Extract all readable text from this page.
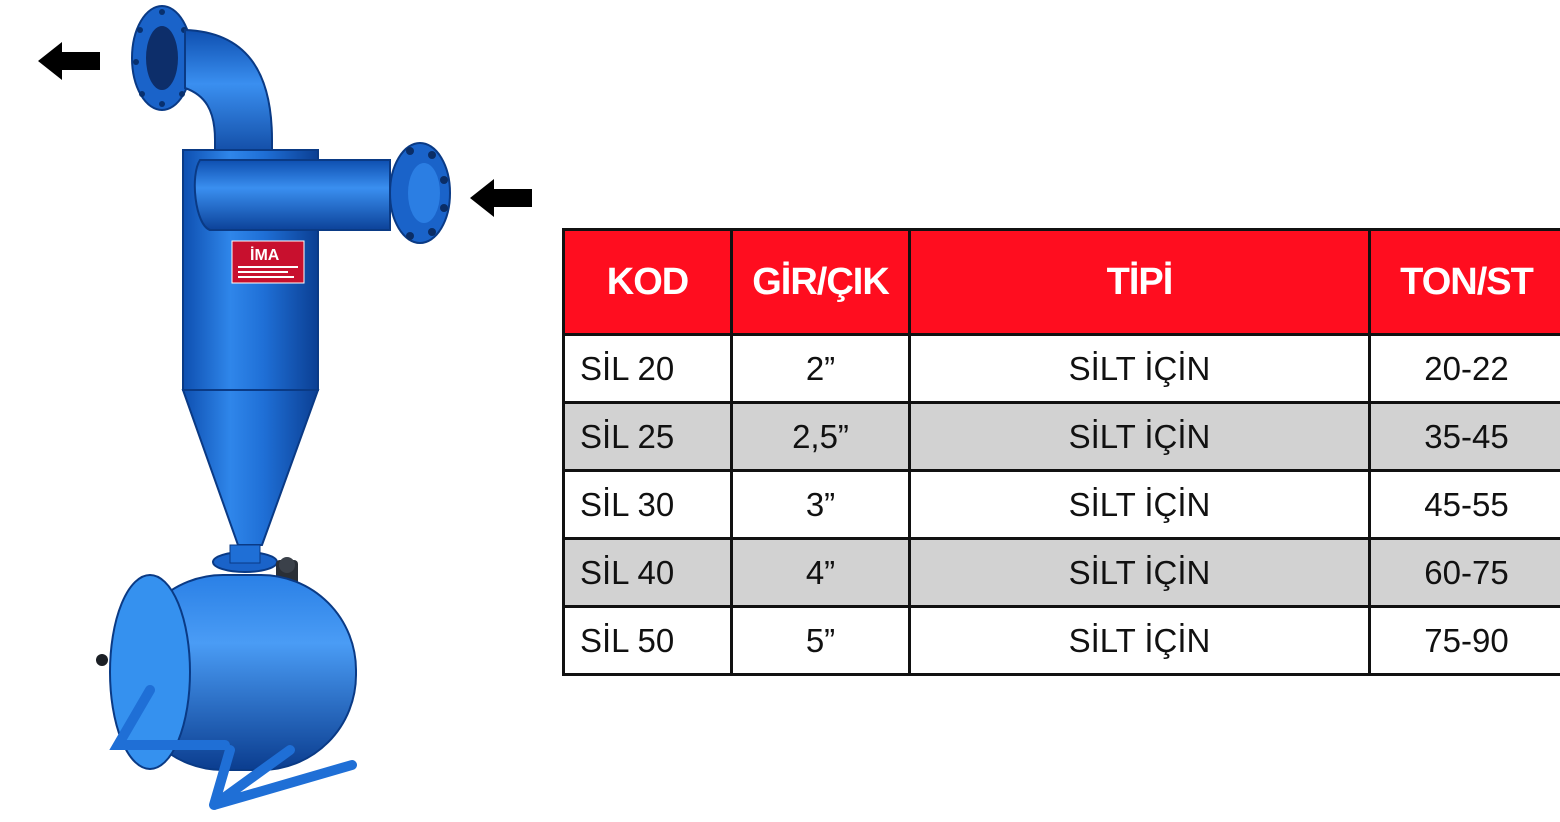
İMA
KOD	GİR/ÇIK	TİPİ	TON/ST
SİL 20	2”	SİLT İÇİN	20-22
SİL 25	2,5”	SİLT İÇİN	35-45
SİL 30	3”	SİLT İÇİN	45-55
SİL 40	4”	SİLT İÇİN	60-75
SİL 50	5”	SİLT İÇİN	75-90
